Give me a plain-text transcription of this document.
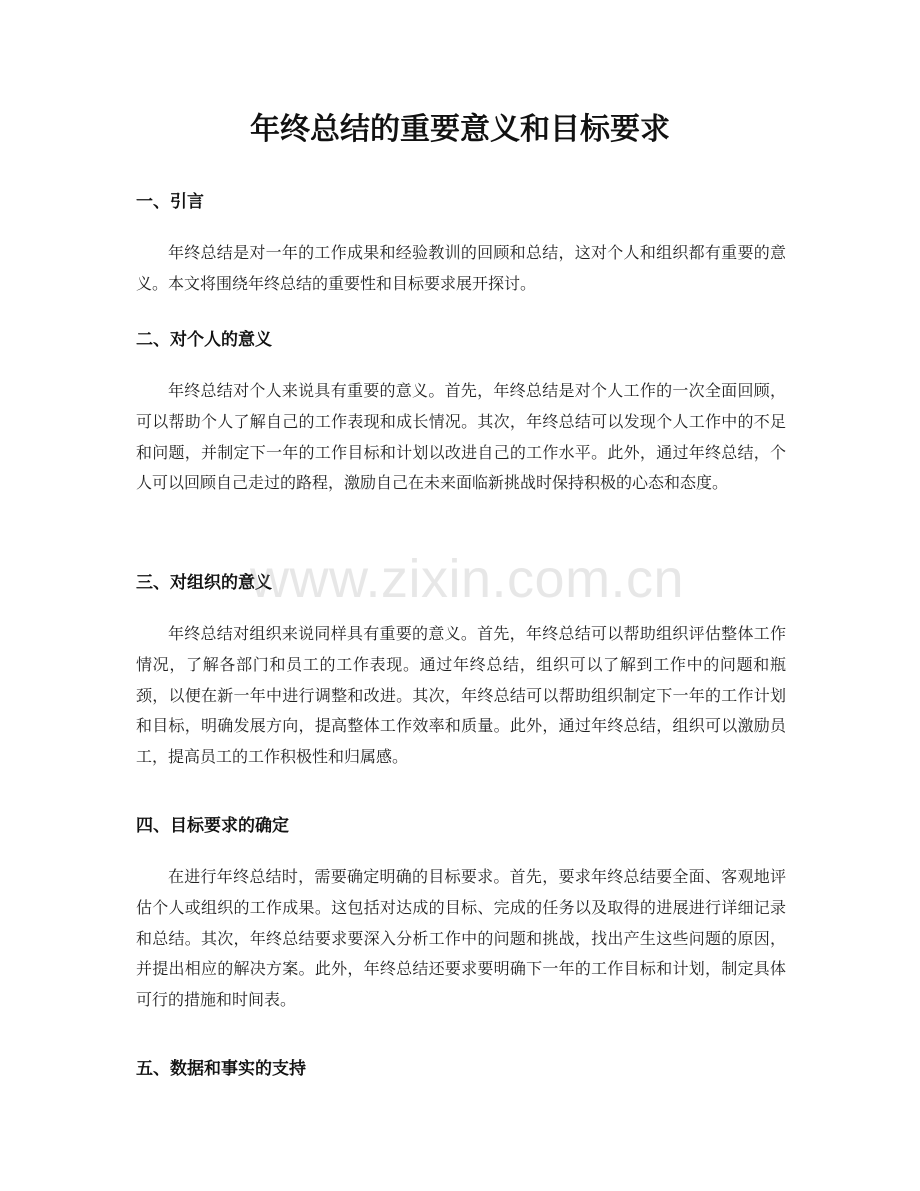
年终总结的重要意义和目标要求
一、引言

年终总结是对一年的工作成果和经验教训的回顾和总结，这对个人和组织都有重要的意义。本文将围绕年终总结的重要性和目标要求展开探讨。

二、对个人的意义

年终总结对个人来说具有重要的意义。首先，年终总结是对个人工作的一次全面回顾，可以帮助个人了解自己的工作表现和成长情况。其次，年终总结可以发现个人工作中的不足和问题，并制定下一年的工作目标和计划以改进自己的工作水平。此外，通过年终总结，个人可以回顾自己走过的路程，激励自己在未来面临新挑战时保持积极的心态和态度。

三、对组织的意义

年终总结对组织来说同样具有重要的意义。首先，年终总结可以帮助组织评估整体工作情况，了解各部门和员工的工作表现。通过年终总结，组织可以了解到工作中的问题和瓶颈，以便在新一年中进行调整和改进。其次，年终总结可以帮助组织制定下一年的工作计划和目标，明确发展方向，提高整体工作效率和质量。此外，通过年终总结，组织可以激励员工，提高员工的工作积极性和归属感。

四、目标要求的确定

在进行年终总结时，需要确定明确的目标要求。首先，要求年终总结要全面、客观地评估个人或组织的工作成果。这包括对达成的目标、完成的任务以及取得的进展进行详细记录和总结。其次，年终总结要求要深入分析工作中的问题和挑战，找出产生这些问题的原因，并提出相应的解决方案。此外，年终总结还要求要明确下一年的工作目标和计划，制定具体可行的措施和时间表。

五、数据和事实的支持
www.zixin.com.cn
